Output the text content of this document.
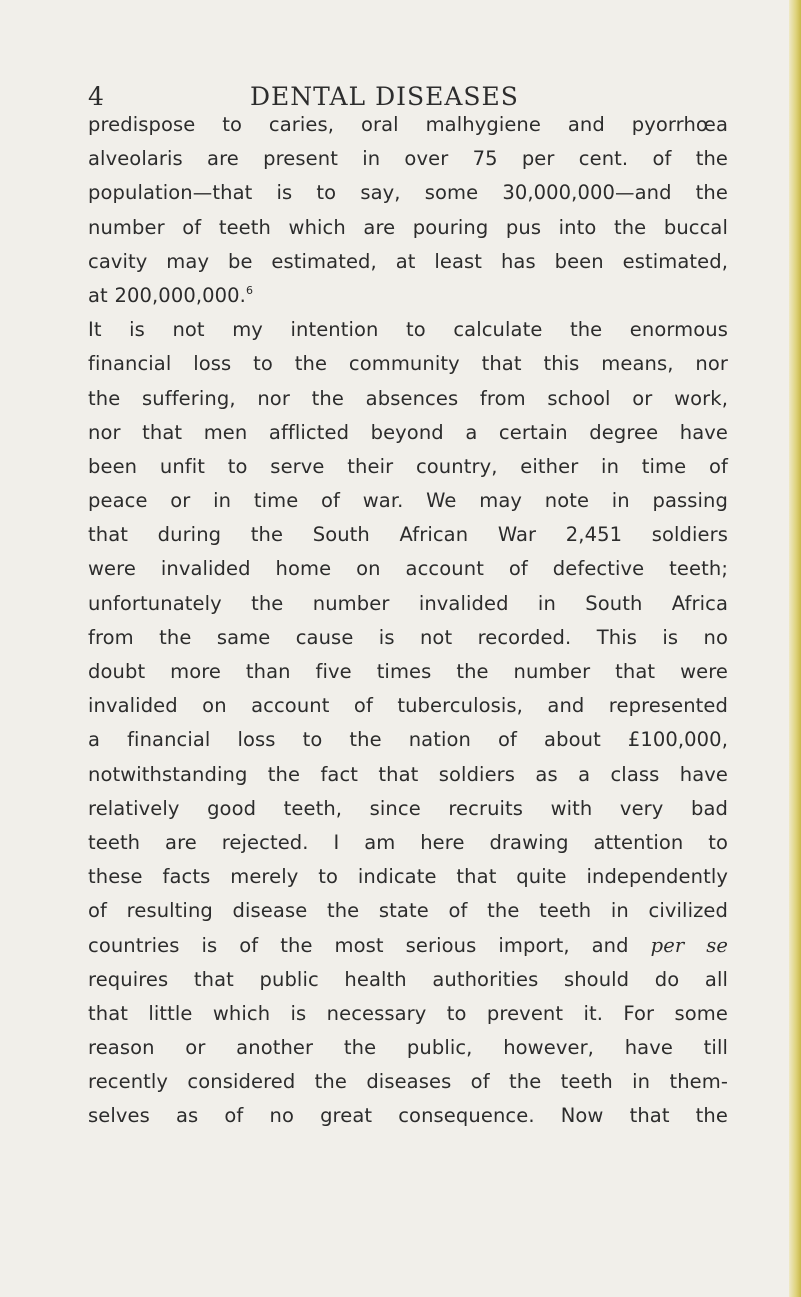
4	DENTAL DISEASES
predispose to caries, oral malhygiene and pyorrhœa
alveolaris are present in over 75 per cent. of the
population—that is to say, some 30,000,000—and the
number of teeth which are pouring pus into the buccal
cavity may be estimated, at least has been estimated,
at 200,000,000.$^6$
It is not my intention to calculate the enormous
financial loss to the community that this means, nor
the suffering, nor the absences from school or work,
nor that men afflicted beyond a certain degree have
been unfit to serve their country, either in time of
peace or in time of war. We may note in passing
that during the South African War 2,451 soldiers
were invalided home on account of defective teeth;
unfortunately the number invalided in South Africa
from the same cause is not recorded. This is no
doubt more than five times the number that were
invalided on account of tuberculosis, and represented
a financial loss to the nation of about £100,000,
notwithstanding the fact that soldiers as a class have
relatively good teeth, since recruits with very bad
teeth are rejected. I am here drawing attention to
these facts merely to indicate that quite independently
of resulting disease the state of the teeth in civilized
countries is of the most serious import, and per se
requires that public health authorities should do all
that little which is necessary to prevent it. For some
reason or another the public, however, have till
recently considered the diseases of the teeth in them-
selves as of no great consequence. Now that the
